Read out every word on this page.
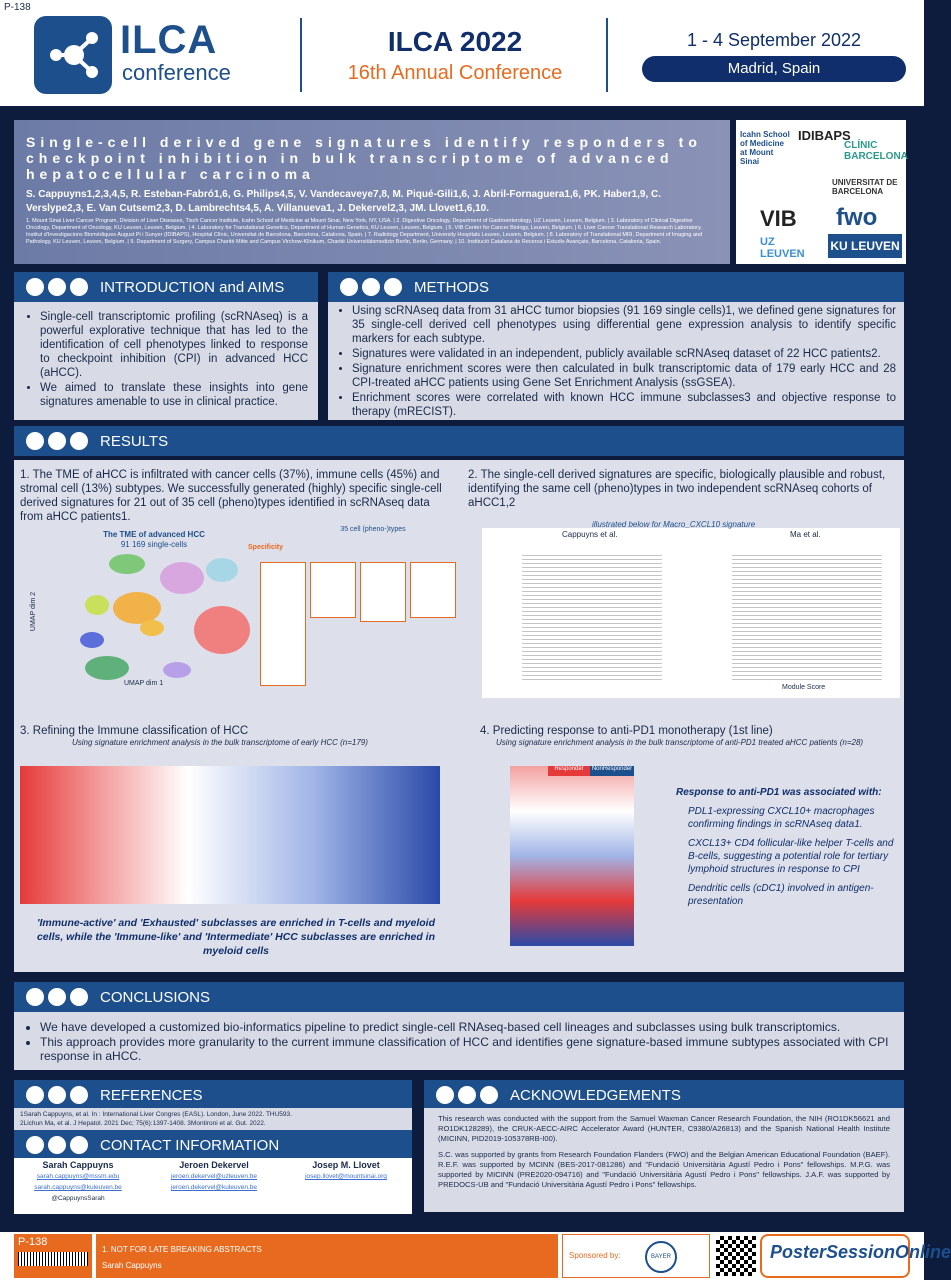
P-138
ILCA
conference
ILCA 2022
16th Annual Conference
1 - 4 September 2022
Madrid, Spain
Single-cell derived gene signatures identify responders to checkpoint inhibition in bulk transcriptome of advanced hepatocellular carcinoma
S. Cappuyns1,2,3,4,5, R. Esteban-Fabró1,6, G. Philips4,5, V. Vandecaveye7,8, M. Piqué-Gili1,6, J. Abril-Fornaguera1,6, PK. Haber1,9, C. Verslype2,3, E. Van Cutsem2,3, D. Lambrechts4,5, A. Villanueva1, J. Dekervel2,3, JM. Llovet1,6,10.
1. Mount Sinai Liver Cancer Program, Division of Liver Diseases, Tisch Cancer Institute, Icahn School of Medicine at Mount Sinai, New York, NY, USA. | 2. Digestive Oncology, Department of Gastroenterology, UZ Leuven, Leuven, Belgium. | 3. Laboratory of Clinical Digestive Oncology, Department of Oncology, KU Leuven, Leuven, Belgium. | 4. Laboratory for Translational Genetics, Department of Human Genetics, KU Leuven, Leuven, Belgium. | 5. VIB Center for Cancer Biology, Leuven, Belgium. | 6. Liver Cancer Translational Research Laboratory, Institut d'Investigacions Biomèdiques August Pi i Sunyer (IDIBAPS), Hospital Clínic, Universitat de Barcelona, Barcelona, Catalonia, Spain. | 7. Radiology Department, University Hospitals Leuven, Leuven, Belgium. | 8. Laboratory of Translational MRI, Department of Imaging and Pathology, KU Leuven, Leuven, Belgium. | 9. Department of Surgery, Campus Charité Mitte and Campus Virchow-Klinikum, Charité Universitätsmedizin Berlin, Berlin, Germany. | 10. Institució Catalana de Recerca i Estudis Avançats, Barcelona, Catalonia, Spain.
Icahn School of Medicine at Mount Sinai
IDIBAPS
CLÍNIC BARCELONA
UNIVERSITAT DE BARCELONA
VIB fwo
UZ LEUVEN
KU LEUVEN
INTRODUCTION and AIMS
• Single-cell transcriptomic profiling (scRNAseq) is a powerful explorative technique that has led to the identification of cell phenotypes linked to response to checkpoint inhibition (CPI) in advanced HCC (aHCC).
• We aimed to translate these insights into gene signatures amenable to use in clinical practice.
METHODS
• Using scRNAseq data from 31 aHCC tumor biopsies (91 169 single cells)1, we defined gene signatures for 35 single-cell derived cell phenotypes using differential gene expression analysis to identify specific markers for each subtype.
• Signatures were validated in an independent, publicly available scRNAseq dataset of 22 HCC patients2.
• Signature enrichment scores were then calculated in bulk transcriptomic data of 179 early HCC and 28 CPI-treated aHCC patients using Gene Set Enrichment Analysis (ssGSEA).
• Enrichment scores were correlated with known HCC immune subclasses3 and objective response to therapy (mRECIST).
RESULTS
1. The TME of aHCC is infiltrated with cancer cells (37%), immune cells (45%) and stromal cell (13%) subtypes. We successfully generated (highly) specific single-cell derived signatures for 21 out of 35 cell (pheno)types identified in scRNAseq data from aHCC patients1.
2. The single-cell derived signatures are specific, biologically plausible and robust, identifying the same cell (pheno)types in two independent scRNAseq cohorts of aHCC1,2
The TME of advanced HCC
91 169 single-cells
UMAP dim 1
UMAP dim 2
35 cell (pheno-)types
Specificity
illustrated below for Macro_CXCL10 signature
Cappuyns et al.	Ma et al.
Module Score
3. Refining the Immune classification of HCC
Using signature enrichment analysis in the bulk transcriptome of early HCC (n=179)
'Immune-active' and 'Exhausted' subclasses are enriched in T-cells and myeloid cells, while the 'Immune-like' and 'Intermediate' HCC subclasses are enriched in myeloid cells
4. Predicting response to anti-PD1 monotherapy (1st line)
Using signature enrichment analysis in the bulk transcriptome of anti-PD1 treated aHCC patients (n=28)
Responder	NonResponder
Response to anti-PD1 was associated with:
PDL1-expressing CXCL10+ macrophages confirming findings in scRNAseq data1.
CXCL13+ CD4 follicular-like helper T-cells and B-cells, suggesting a potential role for tertiary lymphoid structures in response to CPI
Dendritic cells (cDC1) involved in antigen-presentation
CONCLUSIONS
• We have developed a customized bio-informatics pipeline to predict single-cell RNAseq-based cell lineages and subclasses using bulk transcriptomics.
• This approach provides more granularity to the current immune classification of HCC and identifies gene signature-based immune subtypes associated with CPI response in aHCC.
REFERENCES
1Sarah Cappuyns, et al. In : International Liver Congres (EASL). London, June 2022. THU593.
2Lichun Ma, et al. J Hepatol. 2021 Dec; 75(6):1397-1408. 3Montironi et al. Gut. 2022.
CONTACT INFORMATION
Sarah Cappuyns
sarah.cappuyns@mssm.edu
sarah.cappuyns@kuleuven.be
@CappuynsSarah
Jeroen Dekervel
jeroen.dekervel@uzleuven.be
jeroen.dekervel@kuleuven.be
Josep M. Llovet
josep.llovet@mountsinai.org
ACKNOWLEDGEMENTS
This research was conducted with the support from the Samuel Waxman Cancer Research Foundation, the NIH (RO1DK56621 and RO1DK128289), the CRUK-AECC-AIRC Accelerator Award (HUNTER, C9380/A26813) and the Spanish National Health Institute (MICINN, PID2019-105378RB-I00).
S.C. was supported by grants from Research Foundation Flanders (FWO) and the Belgian American Educational Foundation (BAEF). R.E.F. was supported by MCINN (BES-2017-081286) and "Fundació Universitària Agustí Pedro i Pons" fellowships. M.P.G. was supported by MICINN (PRE2020-094716) and "Fundació Universitària Agustí Pedro i Pons" fellowships. J.A.F. was supported by PREDOCS-UB and "Fundació Universitària Agustí Pedro i Pons" fellowships.
P-138
1. NOT FOR LATE BREAKING ABSTRACTS
Sarah Cappuyns
Sponsored by:	BAYER	PosterSessionOnline
